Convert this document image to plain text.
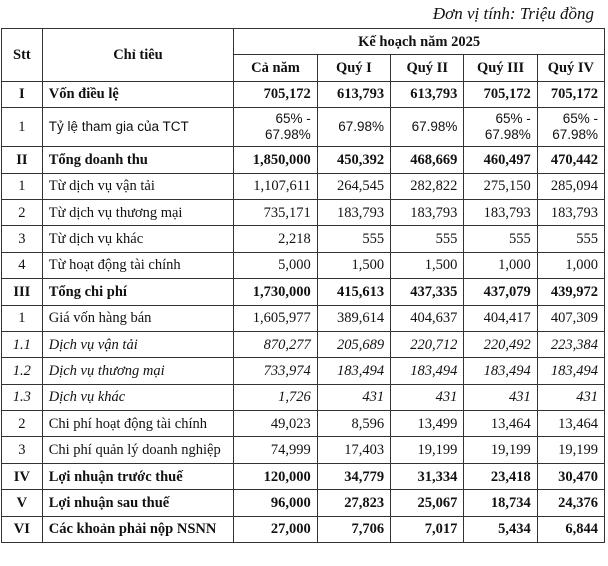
Đơn vị tính: Triệu đồng
Stt	Chỉ tiêu	Kế hoạch năm 2025				
		Cả năm	Quý I	Quý II	Quý III	Quý IV
I	Vốn điều lệ	705,172	613,793	613,793	705,172	705,172
1	Tỷ lệ tham gia của TCT	65% - 67.98%	67.98%	67.98%	65% - 67.98%	65% - 67.98%
II	Tổng doanh thu	1,850,000	450,392	468,669	460,497	470,442
1	Từ dịch vụ vận tải	1,107,611	264,545	282,822	275,150	285,094
2	Từ dịch vụ thương mại	735,171	183,793	183,793	183,793	183,793
3	Từ dịch vụ khác	2,218	555	555	555	555
4	Từ hoạt động tài chính	5,000	1,500	1,500	1,000	1,000
III	Tổng chi phí	1,730,000	415,613	437,335	437,079	439,972
1	Giá vốn hàng bán	1,605,977	389,614	404,637	404,417	407,309
1.1	Dịch vụ vận tải	870,277	205,689	220,712	220,492	223,384
1.2	Dịch vụ thương mại	733,974	183,494	183,494	183,494	183,494
1.3	Dịch vụ khác	1,726	431	431	431	431
2	Chi phí hoạt động tài chính	49,023	8,596	13,499	13,464	13,464
3	Chi phí quản lý doanh nghiệp	74,999	17,403	19,199	19,199	19,199
IV	Lợi nhuận trước thuế	120,000	34,779	31,334	23,418	30,470
V	Lợi nhuận sau thuế	96,000	27,823	25,067	18,734	24,376
VI	Các khoản phải nộp NSNN	27,000	7,706	7,017	5,434	6,844
